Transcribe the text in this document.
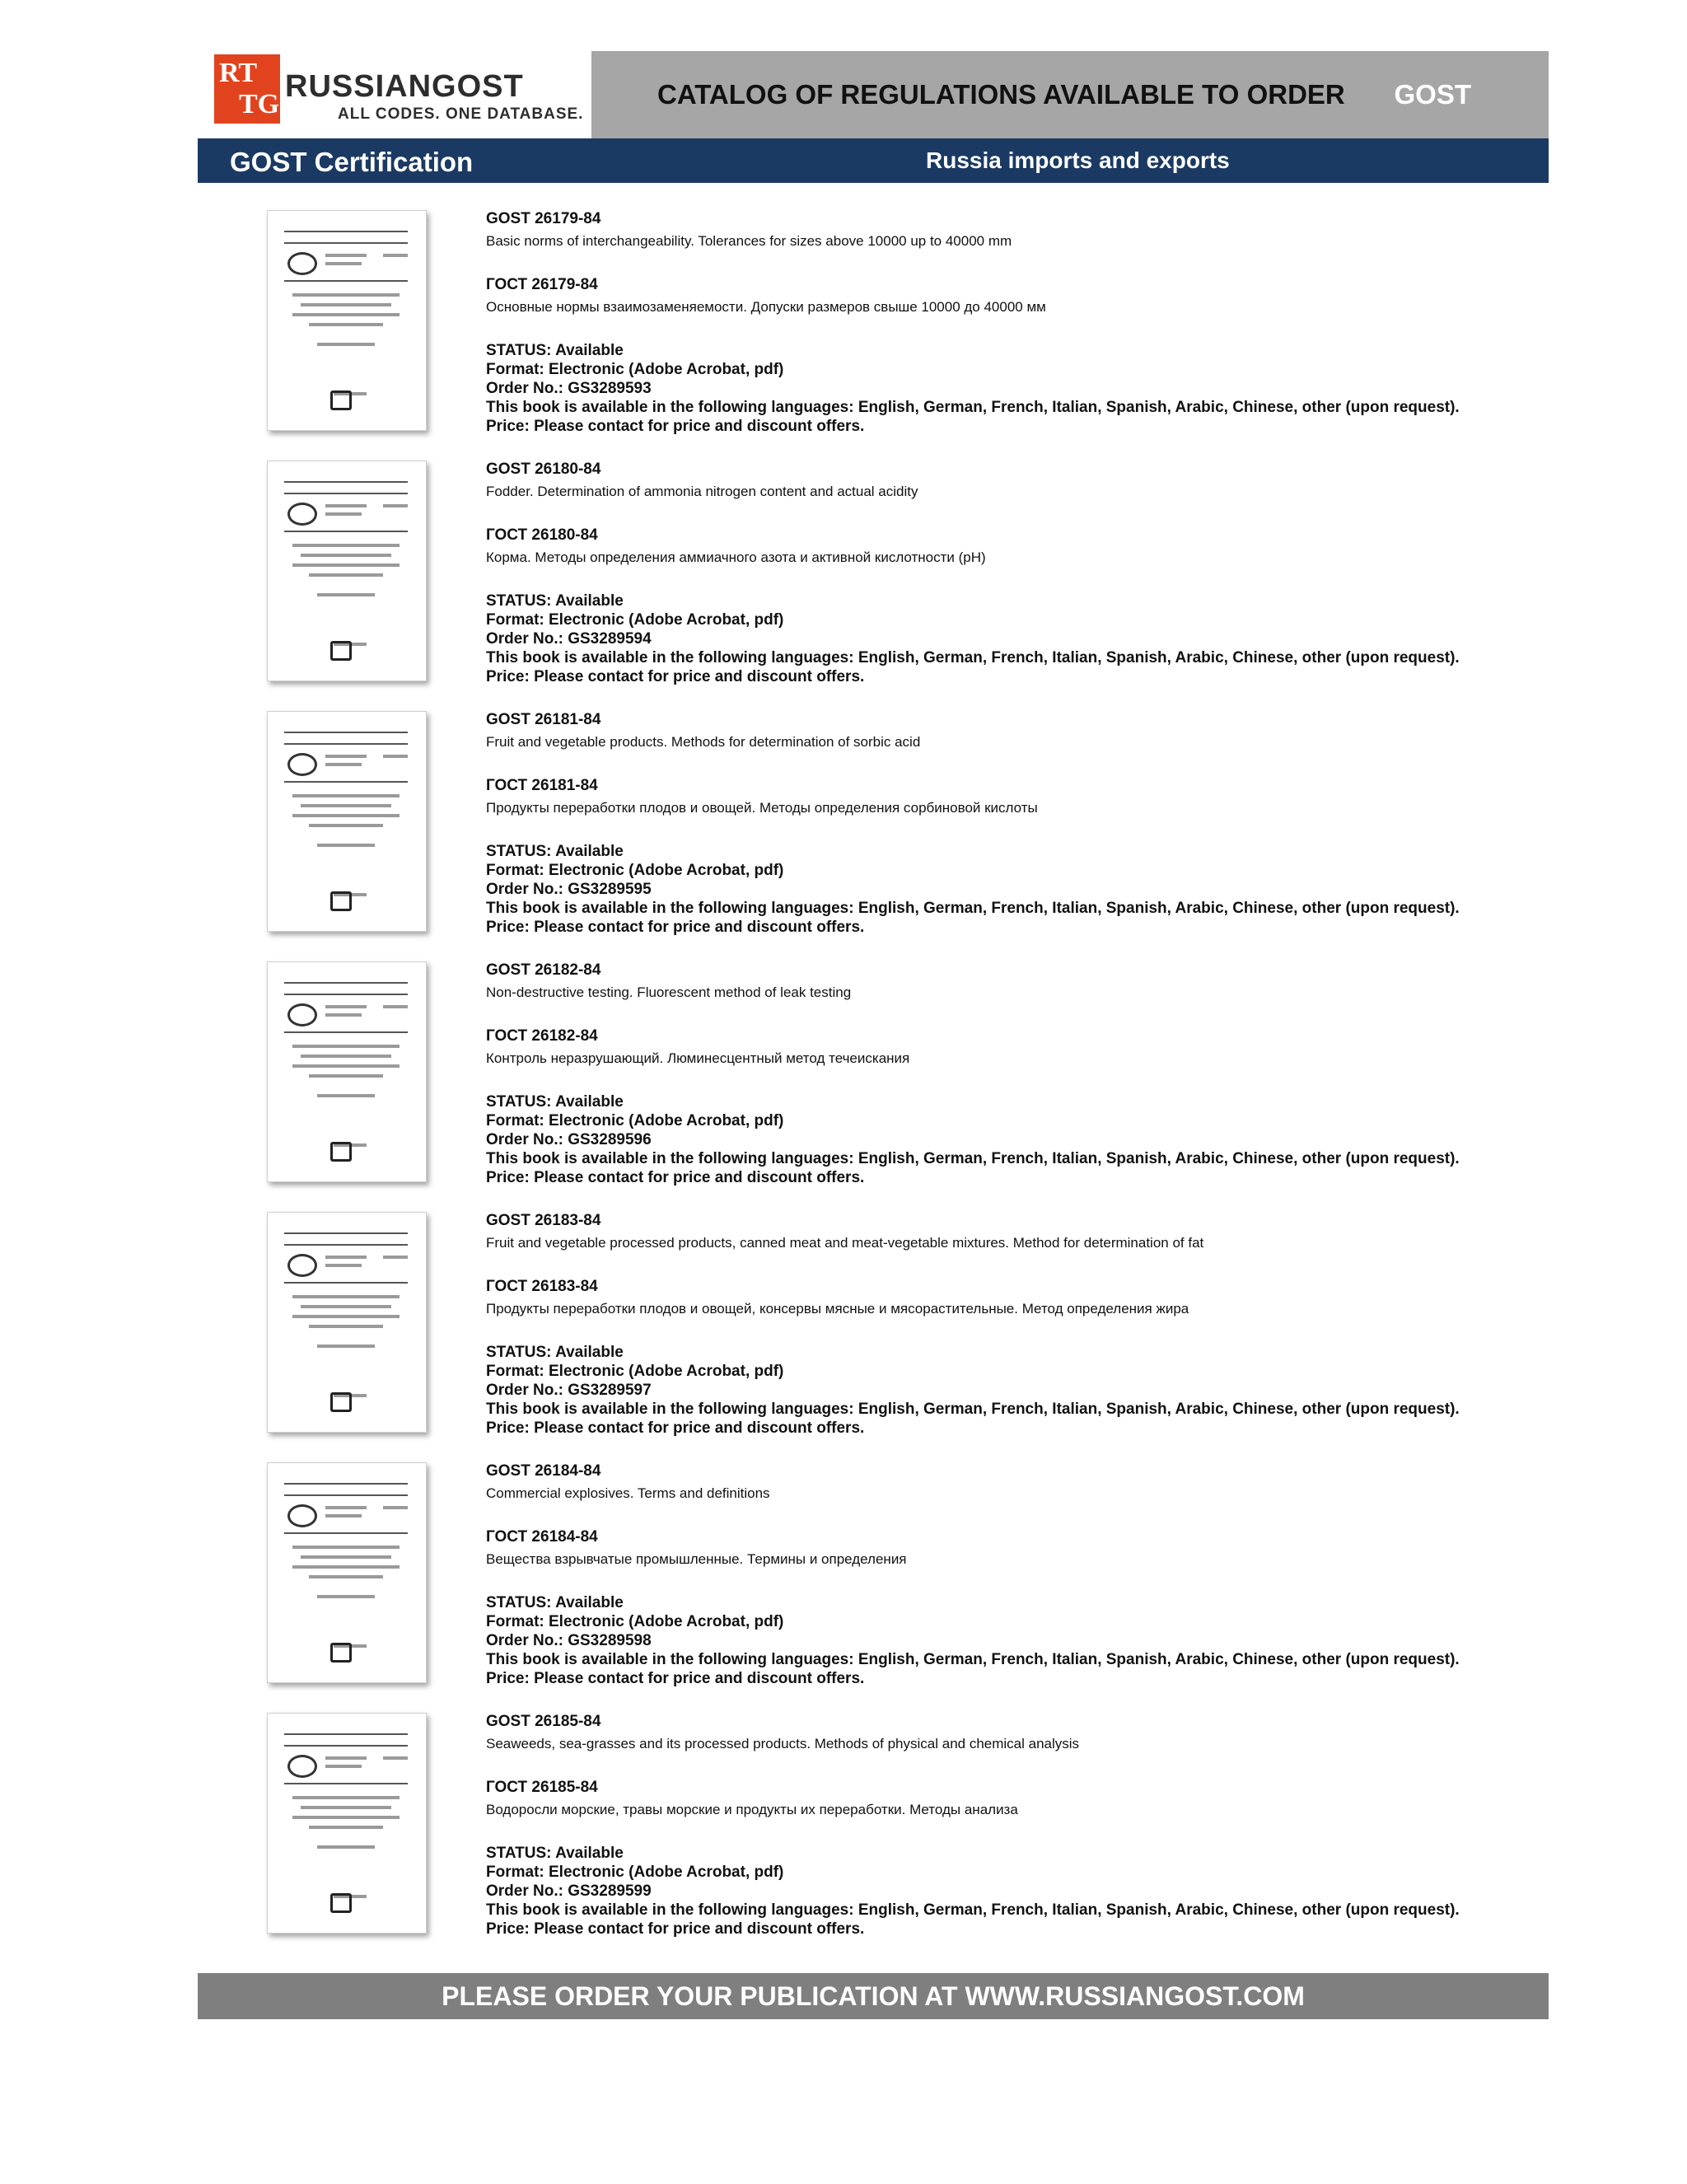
RT
TG
RUSSIANGOST
ALL CODES. ONE DATABASE.
CATALOG OF REGULATIONS AVAILABLE TO ORDER GOST
GOST Certification	Russia imports and exports
GOST 26179-84
Basic norms of interchangeability. Tolerances for sizes above 10000 up to 40000 mm
ГОСТ 26179-84
Основные нормы взаимозаменяемости. Допуски размеров свыше 10000 до 40000 мм
STATUS: Available
Format: Electronic (Adobe Acrobat, pdf)
Order No.: GS3289593
This book is available in the following languages: English, German, French, Italian, Spanish, Arabic, Chinese, other (upon request).
Price: Please contact for price and discount offers.
GOST 26180-84
Fodder. Determination of ammonia nitrogen content and actual acidity
ГОСТ 26180-84
Корма. Методы определения аммиачного азота и активной кислотности (pH)
STATUS: Available
Format: Electronic (Adobe Acrobat, pdf)
Order No.: GS3289594
This book is available in the following languages: English, German, French, Italian, Spanish, Arabic, Chinese, other (upon request).
Price: Please contact for price and discount offers.
GOST 26181-84
Fruit and vegetable products. Methods for determination of sorbic acid
ГОСТ 26181-84
Продукты переработки плодов и овощей. Методы определения сорбиновой кислоты
STATUS: Available
Format: Electronic (Adobe Acrobat, pdf)
Order No.: GS3289595
This book is available in the following languages: English, German, French, Italian, Spanish, Arabic, Chinese, other (upon request).
Price: Please contact for price and discount offers.
GOST 26182-84
Non-destructive testing. Fluorescent method of leak testing
ГОСТ 26182-84
Контроль неразрушающий. Люминесцентный метод течеискания
STATUS: Available
Format: Electronic (Adobe Acrobat, pdf)
Order No.: GS3289596
This book is available in the following languages: English, German, French, Italian, Spanish, Arabic, Chinese, other (upon request).
Price: Please contact for price and discount offers.
GOST 26183-84
Fruit and vegetable processed products, canned meat and meat-vegetable mixtures. Method for determination of fat
ГОСТ 26183-84
Продукты переработки плодов и овощей, консервы мясные и мясорастительные. Метод определения жира
STATUS: Available
Format: Electronic (Adobe Acrobat, pdf)
Order No.: GS3289597
This book is available in the following languages: English, German, French, Italian, Spanish, Arabic, Chinese, other (upon request).
Price: Please contact for price and discount offers.
GOST 26184-84
Commercial explosives. Terms and definitions
ГОСТ 26184-84
Вещества взрывчатые промышленные. Термины и определения
STATUS: Available
Format: Electronic (Adobe Acrobat, pdf)
Order No.: GS3289598
This book is available in the following languages: English, German, French, Italian, Spanish, Arabic, Chinese, other (upon request).
Price: Please contact for price and discount offers.
GOST 26185-84
Seaweeds, sea-grasses and its processed products. Methods of physical and chemical analysis
ГОСТ 26185-84
Водоросли морские, травы морские и продукты их переработки. Методы анализа
STATUS: Available
Format: Electronic (Adobe Acrobat, pdf)
Order No.: GS3289599
This book is available in the following languages: English, German, French, Italian, Spanish, Arabic, Chinese, other (upon request).
Price: Please contact for price and discount offers.
PLEASE ORDER YOUR PUBLICATION AT WWW.RUSSIANGOST.COM
